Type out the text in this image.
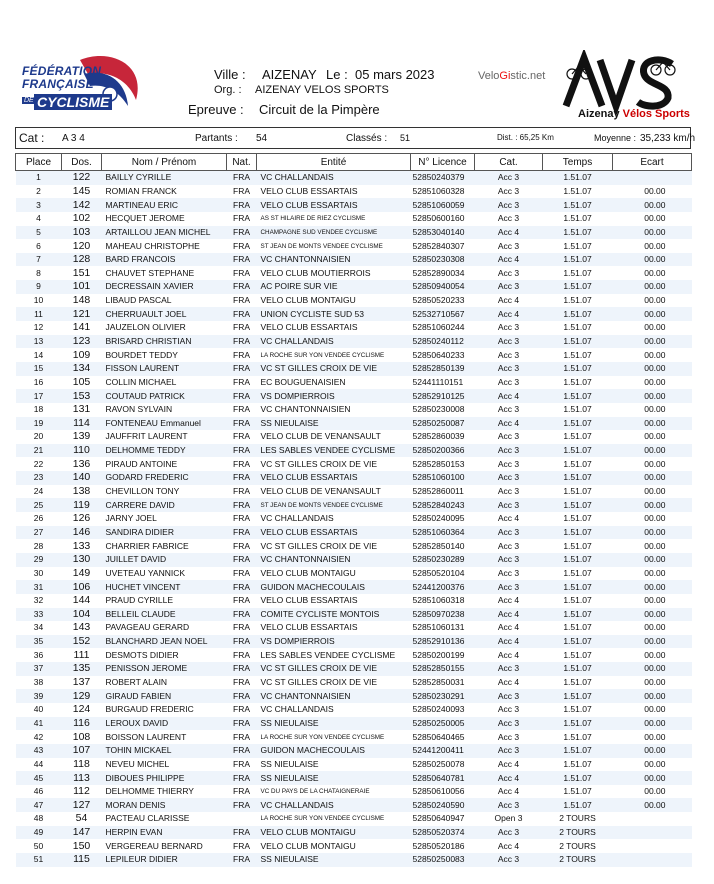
FÉDÉRATION
FRANÇAISE
DE CYCLISME
Ville : AIZENAY Le : 05 mars 2023
Org. : AIZENAY VELOS SPORTS
Epreuve : Circuit de la Pimpère
VeloGistic.net
Aizenay Vélos Sports
Cat : A 3 4	Partants : 54	Classés : 51	Dist. : 65,25 Km	Moyenne : 35,233 km/h
Place	Dos.	Nom / Prénom	Nat.	Entité	N° Licence	Cat.	Temps	Ecart
1	122	BAILLY CYRILLE	FRA	VC CHALLANDAIS	52850240379	Acc 3	1.51.07	
2	145	ROMIAN FRANCK	FRA	VELO CLUB ESSARTAIS	52851060328	Acc 3	1.51.07	00.00
3	142	MARTINEAU ERIC	FRA	VELO CLUB ESSARTAIS	52851060059	Acc 3	1.51.07	00.00
4	102	HECQUET JEROME	FRA	AS ST HILAIRE DE RIEZ CYCLISME	52850600160	Acc 3	1.51.07	00.00
5	103	ARTAILLOU JEAN MICHEL	FRA	CHAMPAGNE SUD VENDEE CYCLISME	52853040140	Acc 4	1.51.07	00.00
6	120	MAHEAU CHRISTOPHE	FRA	ST JEAN DE MONTS VENDEE CYCLISME	52852840307	Acc 3	1.51.07	00.00
7	128	BARD FRANCOIS	FRA	VC CHANTONNAISIEN	52850230308	Acc 4	1.51.07	00.00
8	151	CHAUVET STEPHANE	FRA	VELO CLUB MOUTIERROIS	52852890034	Acc 3	1.51.07	00.00
9	101	DECRESSAIN XAVIER	FRA	AC POIRE SUR VIE	52850940054	Acc 3	1.51.07	00.00
10	148	LIBAUD PASCAL	FRA	VELO CLUB MONTAIGU	52850520233	Acc 4	1.51.07	00.00
11	121	CHERRUAULT JOEL	FRA	UNION CYCLISTE SUD 53	52532710567	Acc 4	1.51.07	00.00
12	141	JAUZELON OLIVIER	FRA	VELO CLUB ESSARTAIS	52851060244	Acc 3	1.51.07	00.00
13	123	BRISARD CHRISTIAN	FRA	VC CHALLANDAIS	52850240112	Acc 3	1.51.07	00.00
14	109	BOURDET TEDDY	FRA	LA ROCHE SUR YON VENDEE CYCLISME	52850640233	Acc 3	1.51.07	00.00
15	134	FISSON LAURENT	FRA	VC ST GILLES CROIX DE VIE	52852850139	Acc 3	1.51.07	00.00
16	105	COLLIN MICHAEL	FRA	EC BOUGUENAISIEN	52441110151	Acc 3	1.51.07	00.00
17	153	COUTAUD PATRICK	FRA	VS DOMPIERROIS	52852910125	Acc 4	1.51.07	00.00
18	131	RAVON SYLVAIN	FRA	VC CHANTONNAISIEN	52850230008	Acc 3	1.51.07	00.00
19	114	FONTENEAU Emmanuel	FRA	SS NIEULAISE	52850250087	Acc 4	1.51.07	00.00
20	139	JAUFFRIT LAURENT	FRA	VELO CLUB DE VENANSAULT	52852860039	Acc 3	1.51.07	00.00
21	110	DELHOMME TEDDY	FRA	LES SABLES VENDEE CYCLISME	52850200366	Acc 3	1.51.07	00.00
22	136	PIRAUD ANTOINE	FRA	VC ST GILLES CROIX DE VIE	52852850153	Acc 3	1.51.07	00.00
23	140	GODARD FREDERIC	FRA	VELO CLUB ESSARTAIS	52851060100	Acc 3	1.51.07	00.00
24	138	CHEVILLON TONY	FRA	VELO CLUB DE VENANSAULT	52852860011	Acc 3	1.51.07	00.00
25	119	CARRERE DAVID	FRA	ST JEAN DE MONTS VENDEE CYCLISME	52852840243	Acc 3	1.51.07	00.00
26	126	JARNY JOEL	FRA	VC CHALLANDAIS	52850240095	Acc 4	1.51.07	00.00
27	146	SANDIRA DIDIER	FRA	VELO CLUB ESSARTAIS	52851060364	Acc 3	1.51.07	00.00
28	133	CHARRIER FABRICE	FRA	VC ST GILLES CROIX DE VIE	52852850140	Acc 3	1.51.07	00.00
29	130	JUILLET DAVID	FRA	VC CHANTONNAISIEN	52850230289	Acc 3	1.51.07	00.00
30	149	UVETEAU YANNICK	FRA	VELO CLUB MONTAIGU	52850520104	Acc 3	1.51.07	00.00
31	106	HUCHET VINCENT	FRA	GUIDON MACHECOULAIS	52441200376	Acc 3	1.51.07	00.00
32	144	PRAUD CYRILLE	FRA	VELO CLUB ESSARTAIS	52851060318	Acc 4	1.51.07	00.00
33	104	BELLEIL CLAUDE	FRA	COMITE CYCLISTE MONTOIS	52850970238	Acc 4	1.51.07	00.00
34	143	PAVAGEAU GERARD	FRA	VELO CLUB ESSARTAIS	52851060131	Acc 4	1.51.07	00.00
35	152	BLANCHARD JEAN NOEL	FRA	VS DOMPIERROIS	52852910136	Acc 4	1.51.07	00.00
36	111	DESMOTS DIDIER	FRA	LES SABLES VENDEE CYCLISME	52850200199	Acc 4	1.51.07	00.00
37	135	PENISSON JEROME	FRA	VC ST GILLES CROIX DE VIE	52852850155	Acc 3	1.51.07	00.00
38	137	ROBERT ALAIN	FRA	VC ST GILLES CROIX DE VIE	52852850031	Acc 4	1.51.07	00.00
39	129	GIRAUD FABIEN	FRA	VC CHANTONNAISIEN	52850230291	Acc 3	1.51.07	00.00
40	124	BURGAUD FREDERIC	FRA	VC CHALLANDAIS	52850240093	Acc 3	1.51.07	00.00
41	116	LEROUX DAVID	FRA	SS NIEULAISE	52850250005	Acc 3	1.51.07	00.00
42	108	BOISSON LAURENT	FRA	LA ROCHE SUR YON VENDEE CYCLISME	52850640465	Acc 3	1.51.07	00.00
43	107	TOHIN MICKAEL	FRA	GUIDON MACHECOULAIS	52441200411	Acc 3	1.51.07	00.00
44	118	NEVEU MICHEL	FRA	SS NIEULAISE	52850250078	Acc 4	1.51.07	00.00
45	113	DIBOUES PHILIPPE	FRA	SS NIEULAISE	52850640781	Acc 4	1.51.07	00.00
46	112	DELHOMME THIERRY	FRA	VC DU PAYS DE LA CHATAIGNERAIE	52850610056	Acc 4	1.51.07	00.00
47	127	MORAN DENIS	FRA	VC CHALLANDAIS	52850240590	Acc 3	1.51.07	00.00
48	54	PACTEAU CLARISSE		LA ROCHE SUR YON VENDEE CYCLISME	52850640947	Open 3	2 TOURS	
49	147	HERPIN EVAN	FRA	VELO CLUB MONTAIGU	52850520374	Acc 3	2 TOURS	
50	150	VERGEREAU BERNARD	FRA	VELO CLUB MONTAIGU	52850520186	Acc 4	2 TOURS	
51	115	LEPILEUR DIDIER	FRA	SS NIEULAISE	52850250083	Acc 3	2 TOURS	
